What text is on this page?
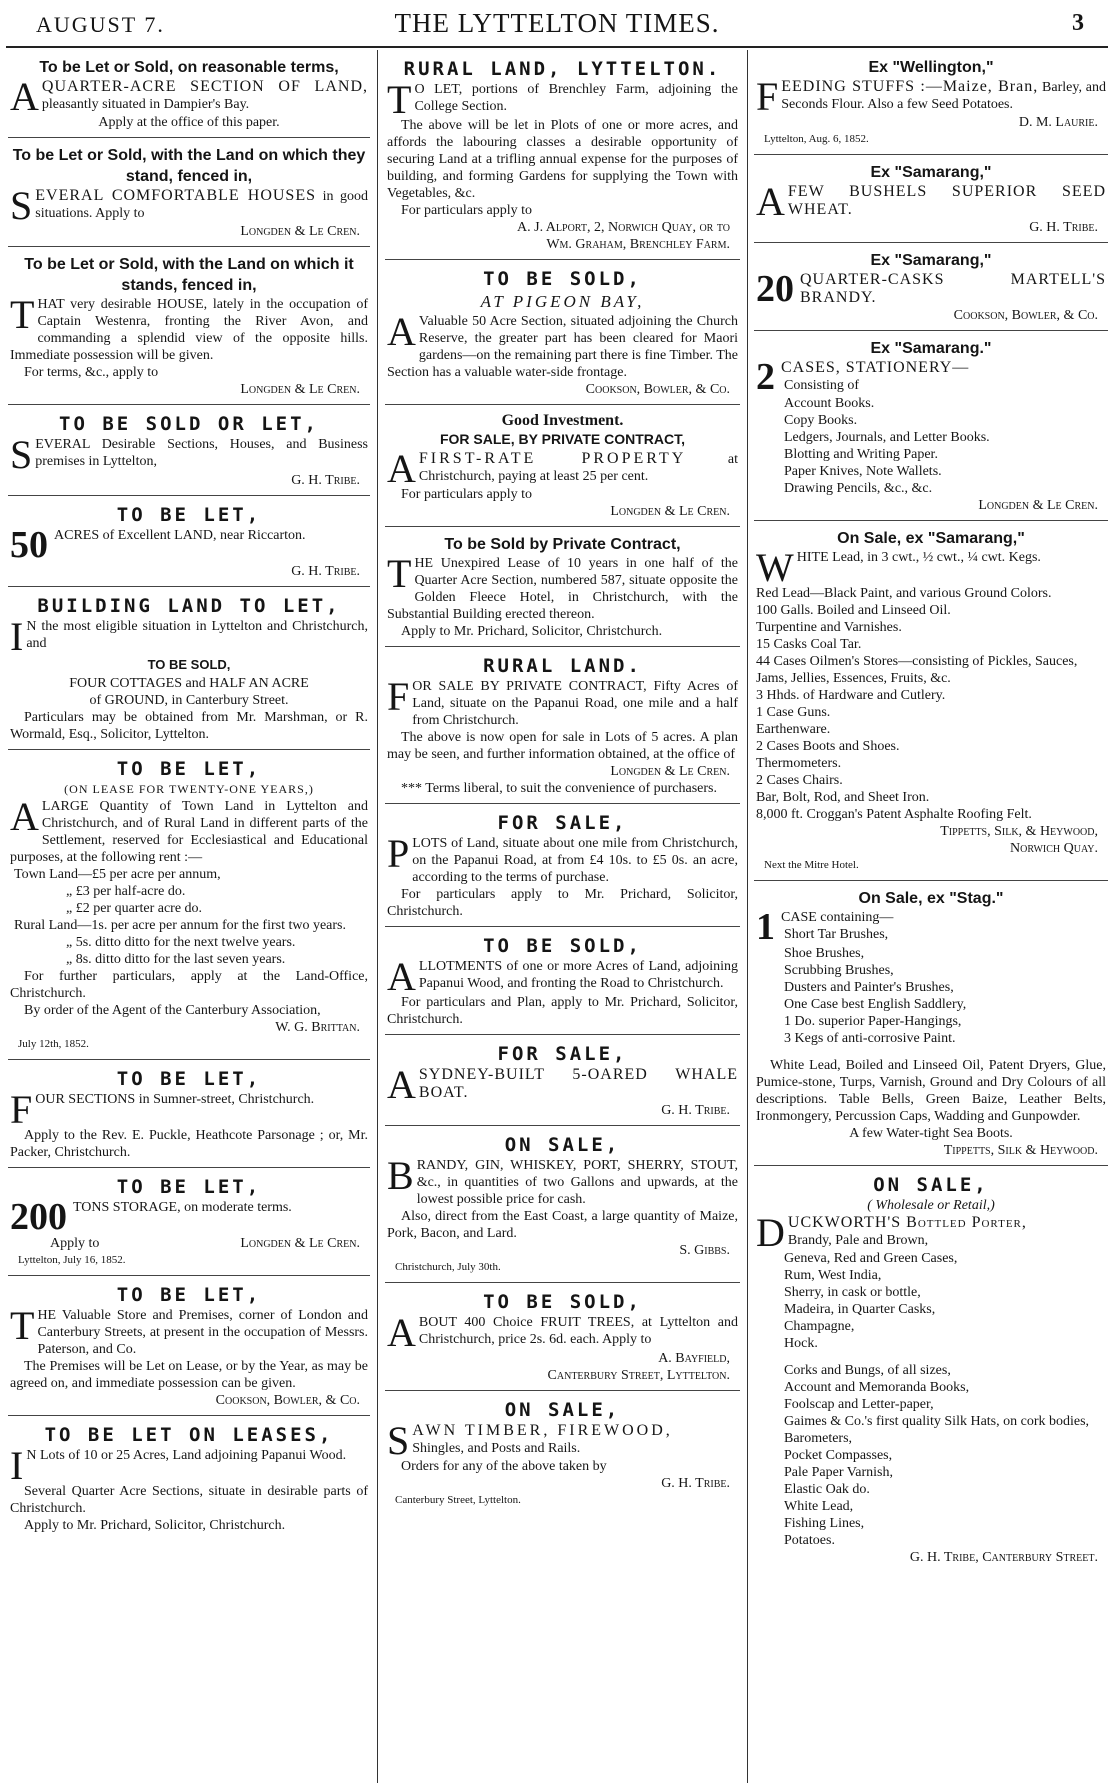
AUGUST 7.	THE LYTTELTON TIMES.	3
To be Let or Sold, on reasonable terms,

A QUARTER-ACRE SECTION OF LAND, pleasantly situated in Dampier's Bay.

Apply at the office of this paper.
To be Let or Sold, with the Land on which they stand, fenced in,

SEVERAL COMFORTABLE HOUSES in good situations. Apply to

Longden & Le Cren.
To be Let or Sold, with the Land on which it stands, fenced in,

THAT very desirable HOUSE, lately in the occupation of Captain Westenra, fronting the River Avon, and commanding a splendid view of the opposite hills. Immediate possession will be given.

For terms, &c., apply to
Longden & Le Cren.
TO BE SOLD OR LET,

SEVERAL Desirable Sections, Houses, and Business premises in Lyttelton,

G. H. Tribe.
TO BE LET,

50 ACRES of Excellent LAND, near Riccarton.

G. H. Tribe.
BUILDING LAND TO LET,

I N the most eligible situation in Lyttelton and Christchurch, and

TO BE SOLD,
FOUR COTTAGES and HALF AN ACRE
of GROUND, in Canterbury Street.

Particulars may be obtained from Mr. Marshman, or R. Wormald, Esq., Solicitor, Lyttelton.

TO BE LET,
(ON LEASE FOR TWENTY-ONE YEARS,)

ALARGE Quantity of Town Land in Lyttelton and Christchurch, and of Rural Land in different parts of the Settlement, reserved for Ecclesiastical and Educational purposes, at the following rent :—

Town Land—£5 per acre per annum,
„ £3 per half-acre do.
„ £2 per quarter acre do.
Rural Land—1s. per acre per annum for the first two years.
„ 5s. ditto ditto for the next twelve years.
„ 8s. ditto ditto for the last seven years.

For further particulars, apply at the Land-Office, Christchurch.

By order of the Agent of the Canterbury Association,

W. G. Brittan.
July 12th, 1852.
TO BE LET,

FOUR SECTIONS in Sumner-street, Christchurch.

Apply to the Rev. E. Puckle, Heathcote Parsonage ; or, Mr. Packer, Christchurch.

TO BE LET,

200 TONS STORAGE, on moderate terms.

Apply to	Longden & Le Cren.
Lyttelton, July 16, 1852.
TO BE LET,

THE Valuable Store and Premises, corner of London and Canterbury Streets, at present in the occupation of Messrs. Paterson, and Co.

The Premises will be Let on Lease, or by the Year, as may be agreed on, and immediate possession can be given.

Cookson, Bowler, & Co.
TO BE LET ON LEASES,

I N Lots of 10 or 25 Acres, Land adjoining Papanui Wood.

Several Quarter Acre Sections, situate in desirable parts of Christchurch.

Apply to Mr. Prichard, Solicitor, Christchurch.

RURAL LAND, LYTTELTON.

T O LET, portions of Brenchley Farm, adjoining the College Section.

The above will be let in Plots of one or more acres, and affords the labouring classes a desirable opportunity of securing Land at a trifling annual expense for the purposes of building, and forming Gardens for supplying the Town with Vegetables, &c.

For particulars apply to

A. J. Alport, 2, Norwich Quay, or to
Wm. Graham, Brenchley Farm.
TO BE SOLD,
AT PIGEON BAY,

A Valuable 50 Acre Section, situated adjoining the Church Reserve, the greater part has been cleared for Maori gardens—on the remaining part there is fine Timber. The Section has a valuable water-side frontage.

Cookson, Bowler, & Co.
Good Investment.
FOR SALE, BY PRIVATE CONTRACT,

AFIRST-RATE PROPERTY	at Christchurch, paying at least 25 per cent.

For particulars apply to
Longden & Le Cren.
To be Sold by Private Contract,

THE Unexpired Lease of 10 years in one half of the Quarter Acre Section, numbered 587, situate opposite the Golden Fleece Hotel, in Christchurch, with the Substantial Building erected thereon.

Apply to Mr. Prichard, Solicitor, Christchurch.

RURAL LAND.

FOR SALE BY PRIVATE CONTRACT, Fifty Acres of Land, situate on the Papanui Road, one mile and a half from Christchurch.

The above is now open for sale in Lots of 5 acres. A plan may be seen, and further information obtained, at the office of

Longden & Le Cren.

*** Terms liberal, to suit the convenience of purchasers.

FOR SALE,

PLOTS of Land, situate about one mile from Christchurch, on the Papanui Road, at from £4 10s. to £5 0s. an acre, according to the terms of purchase.

For particulars apply to Mr. Prichard, Solicitor, Christchurch.

TO BE SOLD,

ALLOTMENTS of one or more Acres of Land, adjoining Papanui Wood, and fronting the Road to Christchurch.

For particulars and Plan, apply to Mr. Prichard, Solicitor, Christchurch.

FOR SALE,

ASYDNEY-BUILT 5-OARED WHALE BOAT.

G. H. Tribe.
ON SALE,

BRANDY, GIN, WHISKEY, PORT, SHERRY, STOUT, &c., in quantities of two Gallons and upwards, at the lowest possible price for cash.

Also, direct from the East Coast, a large quantity of Maize, Pork, Bacon, and Lard.

S. Gibbs.
Christchurch, July 30th.
TO BE SOLD,

ABOUT 400 Choice FRUIT TREES, at Lyttelton and Christchurch, price 2s. 6d. each. Apply to

A. Bayfield,
Canterbury Street, Lyttelton.
ON SALE,

SAWN TIMBER, FIREWOOD,
Shingles, and Posts and Rails.

Orders for any of the above taken by
G. H. Tribe.
Canterbury Street, Lyttelton.
Ex "Wellington,"

FEEDING STUFFS :—Maize, Bran, Barley, and Seconds Flour. Also a few Seed Potatoes.

D. M. Laurie.
Lyttelton, Aug. 6, 1852.
Ex "Samarang,"

AFEW BUSHELS SUPERIOR SEED WHEAT.

G. H. Tribe.
Ex "Samarang,"

20 QUARTER-CASKS MARTELL'S BRANDY.

Cookson, Bowler, & Co.
Ex "Samarang."

2 CASES, STATIONERY—

Consisting of
Account Books.
Copy Books.
Ledgers, Journals, and Letter Books.
Blotting and Writing Paper.
Paper Knives, Note Wallets.
Drawing Pencils, &c., &c.
Longden & Le Cren.
On Sale, ex "Samarang,"

WHITE Lead, in 3 cwt., ½ cwt., ¼ cwt. Kegs.

Red Lead—Black Paint, and various Ground Colors.
100 Galls. Boiled and Linseed Oil.
Turpentine and Varnishes.
15 Casks Coal Tar.
44 Cases Oilmen's Stores—consisting of Pickles, Sauces, Jams, Jellies, Essences, Fruits, &c.
3 Hhds. of Hardware and Cutlery.
1 Case Guns.
Earthenware.
2 Cases Boots and Shoes.
Thermometers.
2 Cases Chairs.
Bar, Bolt, Rod, and Sheet Iron.
8,000 ft. Croggan's Patent Asphalte Roofing Felt.
Tippetts, Silk, & Heywood,
Norwich Quay.
Next the Mitre Hotel.
On Sale, ex "Stag."

1 CASE containing—

Short Tar Brushes,
Shoe Brushes,
Scrubbing Brushes,
Dusters and Painter's Brushes,
One Case best English Saddlery,
1 Do. superior Paper-Hangings,
3 Kegs of anti-corrosive Paint.

White Lead, Boiled and Linseed Oil, Patent Dryers, Glue, Pumice-stone, Turps, Varnish, Ground and Dry Colours of all descriptions. Table Bells, Green Baize, Leather Belts, Ironmongery, Percussion Caps, Wadding and Gunpowder.

A few Water-tight Sea Boots.
Tippetts, Silk & Heywood.
ON SALE,
( Wholesale or Retail,)

DUCKWORTH'S Bottled Porter,

Brandy, Pale and Brown,
Geneva, Red and Green Cases,
Rum, West India,
Sherry, in cask or bottle,
Madeira, in Quarter Casks,
Champagne,
Hock.
Corks and Bungs, of all sizes,
Account and Memoranda Books,
Foolscap and Letter-paper,
Gaimes & Co.'s first quality Silk Hats, on cork bodies,
Barometers,
Pocket Compasses,
Pale Paper Varnish,
Elastic Oak do.
White Lead,
Fishing Lines,
Potatoes.
G. H. Tribe, Canterbury Street.
